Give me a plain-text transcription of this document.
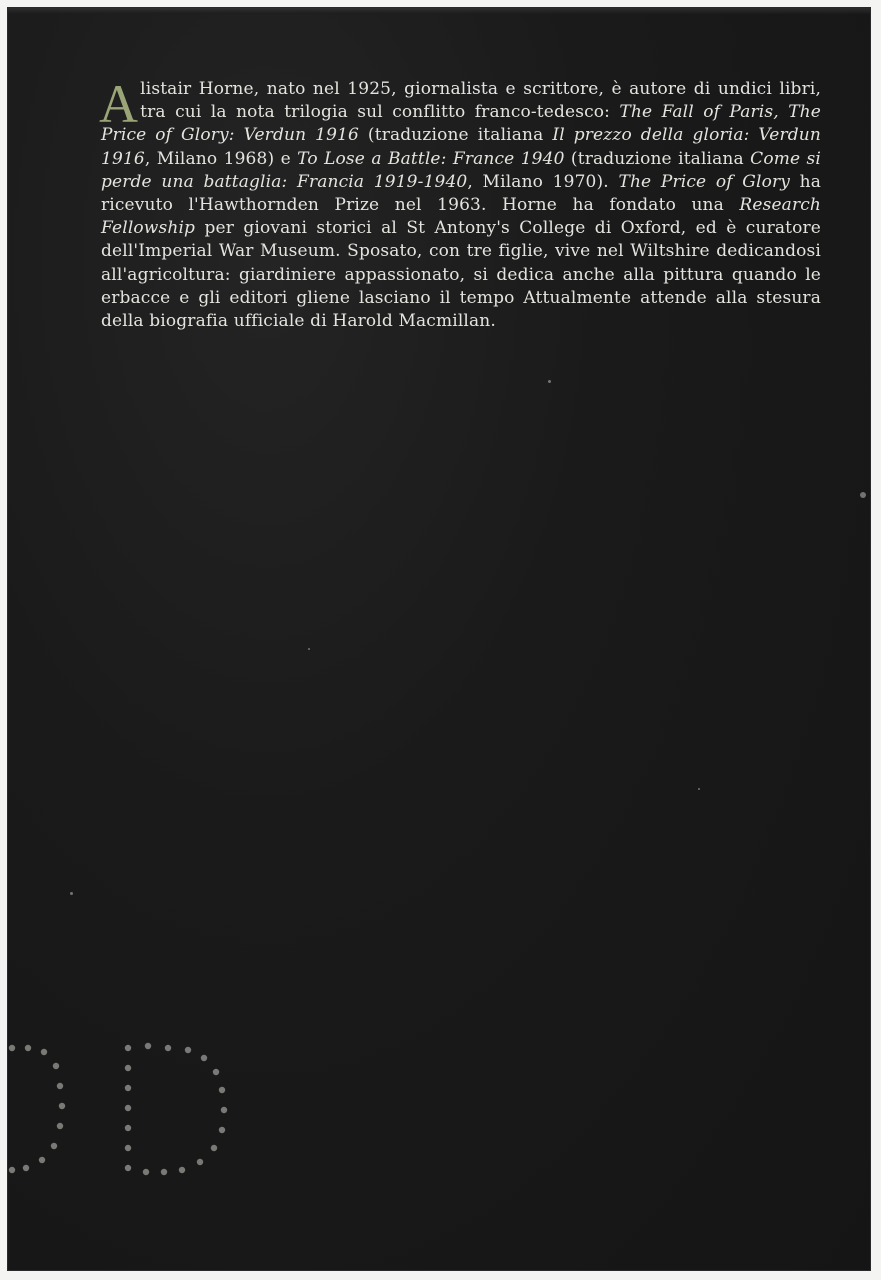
Alistair Horne, nato nel 1925, giornalista e scrittore, è autore di undici libri, tra cui la nota trilogia sul conflitto franco-tedesco: The Fall of Paris, The Price of Glory: Verdun 1916 (traduzione italiana Il prezzo della gloria: Verdun 1916, Milano 1968) e To Lose a Battle: France 1940 (traduzione italiana Come si perde una battaglia: Francia 1919-1940, Milano 1970). The Price of Glory ha ricevuto l'Hawthornden Prize nel 1963. Horne ha fondato una Research Fellowship per giovani storici al St Antony's College di Oxford, ed è curatore dell'Imperial War Museum. Sposato, con tre figlie, vive nel Wiltshire dedicandosi all'agricoltura: giardiniere appassionato, si dedica anche alla pittura quando le erbacce e gli editori gliene lasciano il tempo Attualmente attende alla stesura della biografia ufficiale di Harold Macmillan.
